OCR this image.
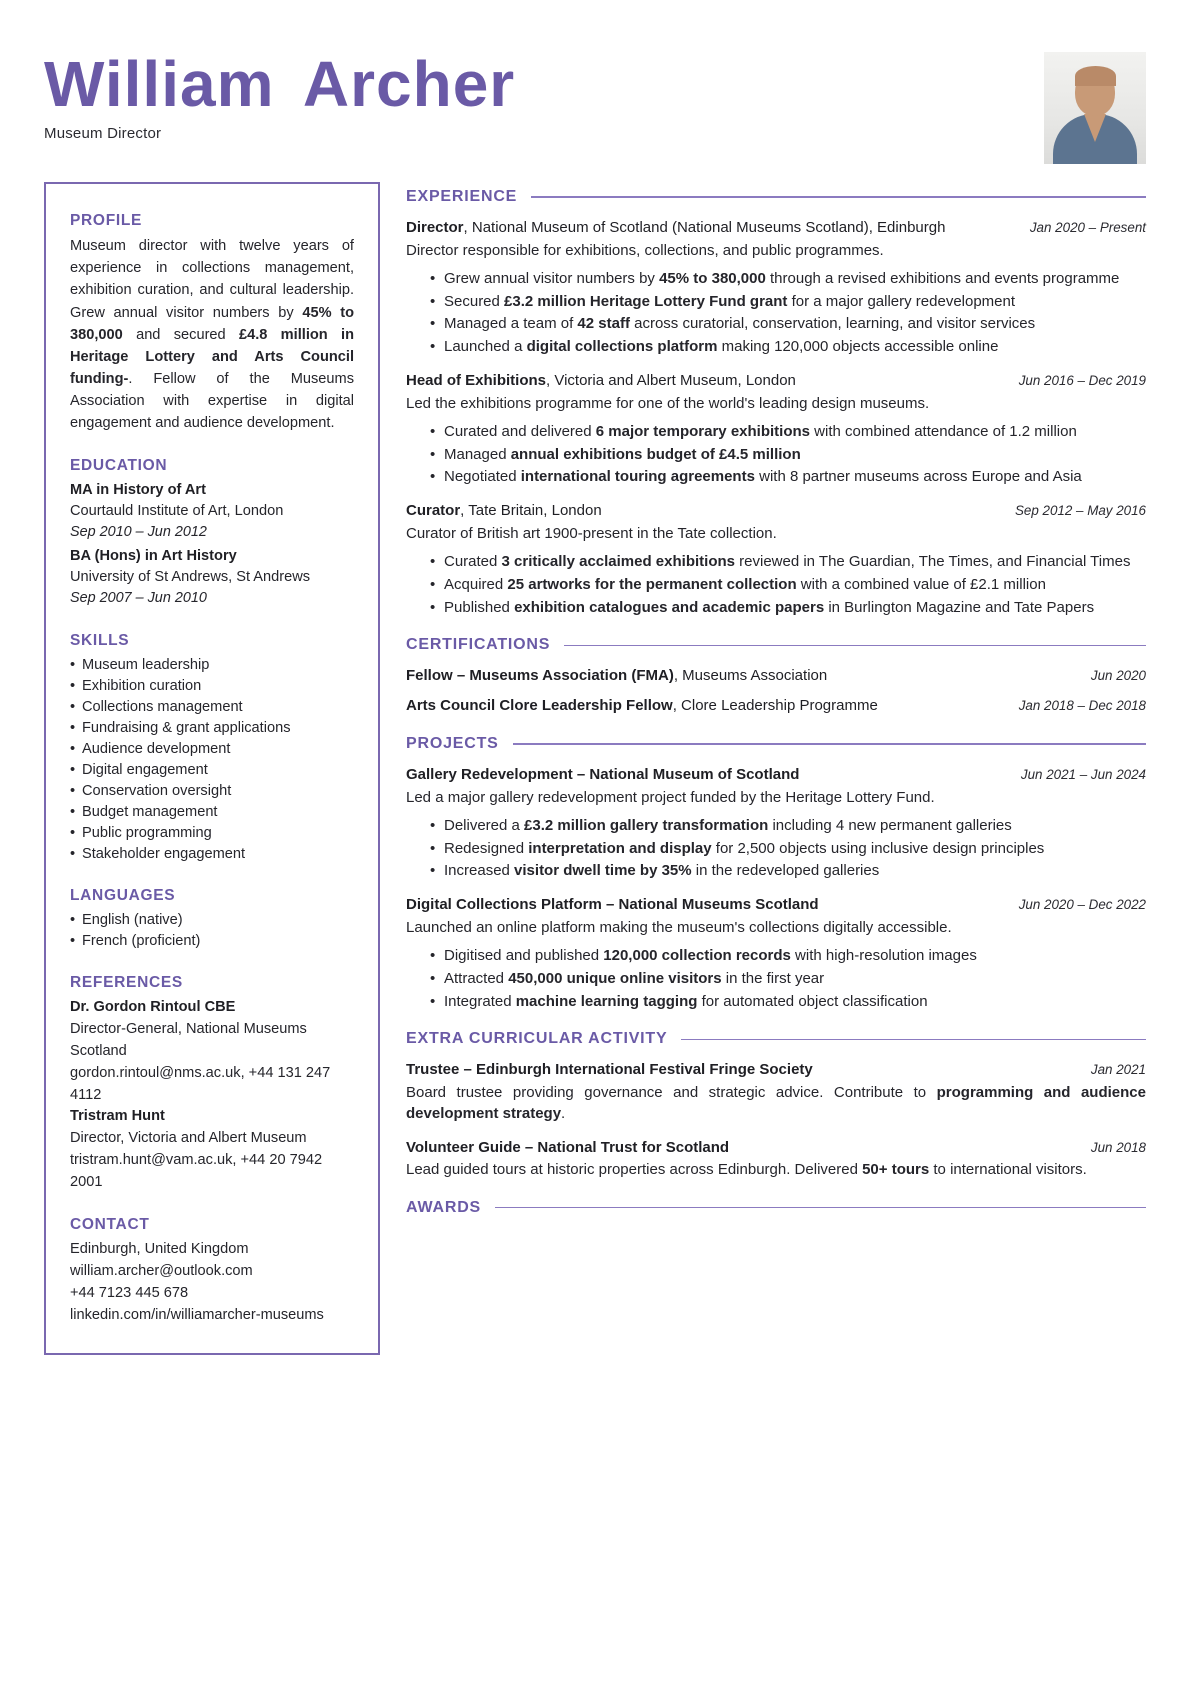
William Archer
Museum Director
PROFILE
Museum director with twelve years of experience in collections management, exhibition curation, and cultural leadership. Grew annual visitor numbers by 45% to 380,000 and secured £4.8 million in Heritage Lottery and Arts Council funding-. Fellow of the Museums Association with expertise in digital engagement and audience development.
EDUCATION
MA in History of Art
Courtauld Institute of Art, London
Sep 2010 – Jun 2012
BA (Hons) in Art History
University of St Andrews, St Andrews
Sep 2007 – Jun 2010
SKILLS
• Museum leadership
• Exhibition curation
• Collections management
• Fundraising & grant applications
• Audience development
• Digital engagement
• Conservation oversight
• Budget management
• Public programming
• Stakeholder engagement
LANGUAGES
• English (native)
• French (proficient)
REFERENCES
Dr. Gordon Rintoul CBE
Director-General, National Museums Scotland
gordon.rintoul@nms.ac.uk, +44 131 247 4112
Tristram Hunt
Director, Victoria and Albert Museum
tristram.hunt@vam.ac.uk, +44 20 7942 2001
CONTACT
Edinburgh, United Kingdom
william.archer@outlook.com
+44 7123 445 678
linkedin.com/in/williamarcher-museums
EXPERIENCE
Director, National Museum of Scotland (National Museums Scotland), Edinburgh	Jan 2020 – Present
Director responsible for exhibitions, collections, and public programmes.
• Grew annual visitor numbers by 45% to 380,000 through a revised exhibitions and events programme
• Secured £3.2 million Heritage Lottery Fund grant for a major gallery redevelopment
• Managed a team of 42 staff across curatorial, conservation, learning, and visitor services
• Launched a digital collections platform making 120,000 objects accessible online
Head of Exhibitions, Victoria and Albert Museum, London	Jun 2016 – Dec 2019
Led the exhibitions programme for one of the world's leading design museums.
• Curated and delivered 6 major temporary exhibitions with combined attendance of 1.2 million
• Managed annual exhibitions budget of £4.5 million
• Negotiated international touring agreements with 8 partner museums across Europe and Asia
Curator, Tate Britain, London	Sep 2012 – May 2016
Curator of British art 1900-present in the Tate collection.
• Curated 3 critically acclaimed exhibitions reviewed in The Guardian, The Times, and Financial Times
• Acquired 25 artworks for the permanent collection with a combined value of £2.1 million
• Published exhibition catalogues and academic papers in Burlington Magazine and Tate Papers
CERTIFICATIONS
Fellow – Museums Association (FMA), Museums Association	Jun 2020
Arts Council Clore Leadership Fellow, Clore Leadership Programme	Jan 2018 – Dec 2018
PROJECTS
Gallery Redevelopment – National Museum of Scotland	Jun 2021 – Jun 2024
Led a major gallery redevelopment project funded by the Heritage Lottery Fund.
• Delivered a £3.2 million gallery transformation including 4 new permanent galleries
• Redesigned interpretation and display for 2,500 objects using inclusive design principles
• Increased visitor dwell time by 35% in the redeveloped galleries
Digital Collections Platform – National Museums Scotland	Jun 2020 – Dec 2022
Launched an online platform making the museum's collections digitally accessible.
• Digitised and published 120,000 collection records with high-resolution images
• Attracted 450,000 unique online visitors in the first year
• Integrated machine learning tagging for automated object classification
EXTRA CURRICULAR ACTIVITY
Trustee – Edinburgh International Festival Fringe Society	Jan 2021
Board trustee providing governance and strategic advice. Contribute to programming and audience development strategy.
Volunteer Guide – National Trust for Scotland	Jun 2018
Lead guided tours at historic properties across Edinburgh. Delivered 50+ tours to international visitors.
AWARDS
